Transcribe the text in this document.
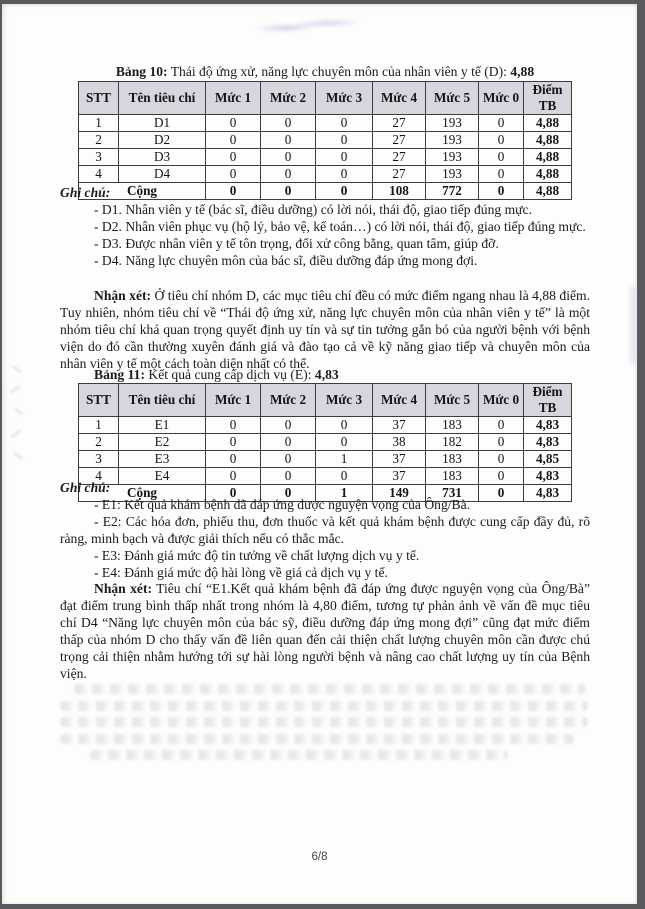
Bảng 10: Thái độ ứng xử, năng lực chuyên môn của nhân viên y tế (D): 4,88
STT	Tên tiêu chí	Mức 1	Mức 2	Mức 3	Mức 4	Mức 5	Mức 0	Điểm TB
1	D1	0	0	0	27	193	0	4,88
2	D2	0	0	0	27	193	0	4,88
3	D3	0	0	0	27	193	0	4,88
4	D4	0	0	0	27	193	0	4,88
Cộng		0	0	0	108	772	0	4,88

Ghi chú:

- D1. Nhân viên y tế (bác sĩ, điều dưỡng) có lời nói, thái độ, giao tiếp đúng mực.

- D2. Nhân viên phục vụ (hộ lý, bảo vệ, kế toán…) có lời nói, thái độ, giao tiếp đúng mực.

- D3. Được nhân viên y tế tôn trọng, đối xử công bằng, quan tâm, giúp đỡ.

- D4. Năng lực chuyên môn của bác sĩ, điều dưỡng đáp ứng mong đợi.

Nhận xét: Ở tiêu chí nhóm D, các mục tiêu chí đều có mức điểm ngang nhau là 4,88 điểm. Tuy nhiên, nhóm tiêu chí về “Thái độ ứng xử, năng lực chuyên môn của nhân viên y tế” là một nhóm tiêu chí khá quan trọng quyết định uy tín và sự tin tưởng gắn bó của người bệnh với bệnh viện do đó cần thường xuyên đánh giá và đào tạo cả về kỹ năng giao tiếp và chuyên môn của nhân viên y tế một cách toàn diện nhất có thể.

Bảng 11: Kết quả cung cấp dịch vụ (E): 4,83
STT	Tên tiêu chí	Mức 1	Mức 2	Mức 3	Mức 4	Mức 5	Mức 0	Điểm TB
1	E1	0	0	0	37	183	0	4,83
2	E2	0	0	0	38	182	0	4,83
3	E3	0	0	1	37	183	0	4,85
4	E4	0	0	0	37	183	0	4,83
Cộng		0	0	1	149	731	0	4,83

Ghi chú:

- E1: Kết quả khám bệnh đã đáp ứng được nguyện vọng của Ông/Bà.

- E2: Các hóa đơn, phiếu thu, đơn thuốc và kết quả khám bệnh được cung cấp đầy đủ, rõ ràng, minh bạch và được giải thích nếu có thắc mắc.

- E3: Đánh giá mức độ tin tưởng về chất lượng dịch vụ y tế.

- E4: Đánh giá mức độ hài lòng về giá cả dịch vụ y tế.

Nhận xét: Tiêu chí “E1.Kết quả khám bệnh đã đáp ứng được nguyện vọng của Ông/Bà” đạt điểm trung bình thấp nhất trong nhóm là 4,80 điểm, tương tự phản ảnh về vấn đề mục tiêu chí D4 “Năng lực chuyên môn của bác sỹ, điều dưỡng đáp ứng mong đợi” cũng đạt mức điểm thấp của nhóm D cho thấy vấn đề liên quan đến cải thiện chất lượng chuyên môn cần được chú trọng cải thiện nhằm hướng tới sự hài lòng người bệnh và nâng cao chất lượng uy tín của Bệnh viện.

6/8
